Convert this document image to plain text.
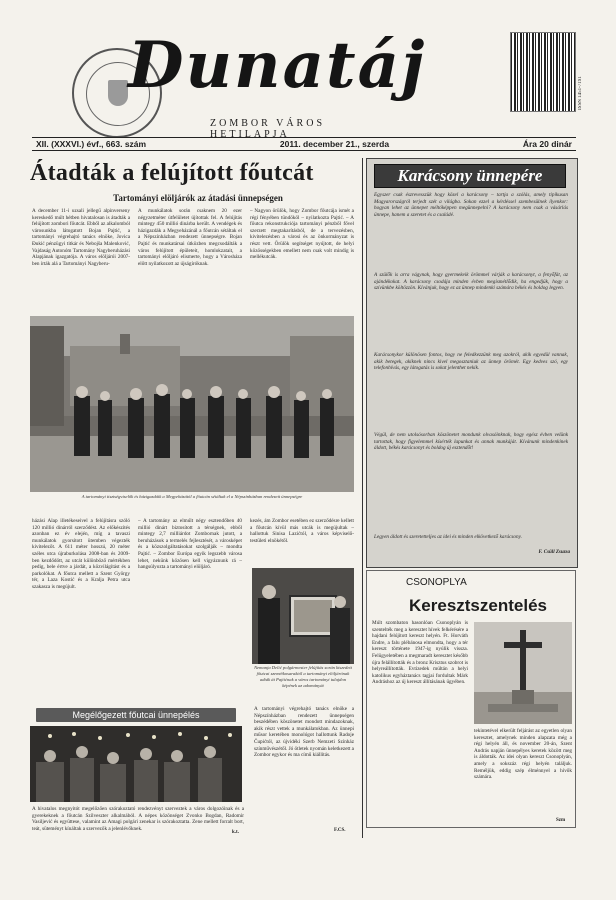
Dunatáj
ZOMBOR VÁROS HETILAPJA
ISSN 1451-7191
XII. (XXXVI.) évf., 663. szám	2011. december 21., szerda	Ára 20 dinár
Átadták a felújított főutcát
Tartományi elöljárók az átadási ünnepségen
A december 11-i uzsali jellegű alpinverseny kereskedő múlt hétben hivatalosan is átadták a felújított zombori főutcát. Ebből az alkalomból városunkba látogatott Bojan Pajtić, a tartományi végrehajtó tanács elnöke, Jovica Đukić pénzügyi titkár és Nebojša Malenković, Vajdaság Autonóm Tartomány Nagyberuházási Alapjának igazgatója. A város elöljárói 2007-ben írták alá a Tartományi Nagyberu-
A munkálatok során csaknem 20 ezer négyzetméter útfelületet újítottak fel. A felújítás mintegy 450 millió dinárba került. A vendégek és házigazdák a Megyeházánál a főutcán sétáltak el a Népszínházban rendezett ünnepségre. Bojan Pajtić és munkatársai útközben megcsodálták a város felújított épületeit, homlokzatait, a tartományi elöljáró elismerte, hogy a Városháza előtt nyilatkozott az újságíróknak.
– Nagyon örülök, hogy Zombor főutcája ismét a régi fényében tündököl – nyilatkozta Pajtić. – A főutca rekonstrukciója tartományi pénzből fővel szerzett megtakarításból, de a tervezésben, kivitelezésben a városi és az önkormányzat is részt vett. Örülök segítséget nyújtott, de helyi közösségekben emellett nem csak volt mindig is mellékutcák.
A tartományi tisztségviselők és házigazdáik a Megyeházától a főutcán sétáltak el a Népszínházban rendezett ünnepségre
házási Alap illetékeseivel a felújításra szóló 120 millió dinárról szerződést. Az előkészítés azonban ez év elején, míg a tavaszi munkálatok gyorsított ütemben végezték kivitelezőt. A 611 méter hosszú, 20 méter széles utca újraburkolása 2008-ban és 2009-ben kezdődött, az utcát különböző mértékben pedig, bele értve a járdát, a közvilágítást és a parkolókat. A főutca mellett a Szent György tér, a Laza Kostić és a Kralja Petra utca szakasza is megújult.
– A tartomány az elmúlt négy esztendőben 40 millió dinárt biztosított a térségnek, ebből mintegy 2,7 milliárdot Zombornak jutott, a beruházások a termelés fejlesztését, a városképet és a közszolgáltatásokat szolgálják – mondta Pajtić. – Zombor Európa egyik legszebb városa lehet, nekünk közösen kell vigyáznunk rá – hangsúlyozta a tartományi elöljáró.
kezés, ám Zombor esetében ez szerződésre kellett a főutcán kívül más utcák is megújultak – hallottuk Sinisa Lazićtól, a város képviselő-testületi elnökétől.
Nemanja Delić polgármester felújítás során kiszedett főutcai szemétkosaraktól a tartományi elöljárónak adták át Pajtićnak a város tartományi tulajdon képének az adományát
A tartományi végrehajtó tanács elnöke a Népszínházban rendezett ünnepségen beszédében köszönetet mondott mindazoknak, akik részt vettek a munkálatokban. Az ünnepi műsor keretében monológot hallottunk Radoje Čupićtól, az újvidéki Szerb Nemzeti Színház színművészétől. Jó ötletek nyomán keletkezett a Zombor egykor és ma című kiállítás.
F.CS.
Megélőgezett főutcai ünnepélés
A hivatalos megnyitót megelőzően szórakoztató rendezvényt szerveztek a város dolgozóinak és a gyerekeknek a főutcán Szilveszter alkalmából. A népes közönséget Zvonko Bogdan, Radomir Vasiljević és együttese, valamint az Amagi polgári zenekar is szórakoztatta. Zene mellett forralt bort, teát, süteményt kínáltak a szervezők a jelenlévőknek.
k.t.
Karácsony ünnepére
Egyszer csak észrevesszük hogy közel a karácsony – tartja a szólás, amely tipikusan Magyarországról terjedt szét a világba. Sokan ezzel a kérdéssel szembesülnek ilyenkor: hogyan lehet az ünnepet méltóképpen megünnepelni? A karácsony nem csak a vásárlás ünnepe, hanem a szeretet és a családé.
A szülők is arra vágynak, hogy gyermekeik örömmel várják a karácsonyt, a fenyőfát, az ajándékokat. A karácsony csodája minden évben megismétlődik, ha engedjük, hogy a szívünkbe költözzön. Kívánjuk, hogy ez az ünnep mindenki számára békés és boldog legyen.
Karácsonykor különösen fontos, hogy ne feledkezzünk meg azokról, akik egyedül vannak, akik betegek, akiknek nincs kivel megosztaniuk az ünnep örömét. Egy kedves szó, egy telefonhívás, egy látogatás is sokat jelenthet nekik.
Végül, de nem utolsósorban köszönetet mondunk olvasóinknak, hogy egész évben velünk tartottak, hogy figyelemmel kísérték lapunkat és annak munkáját. Kívánunk mindenkinek áldott, békés karácsonyt és boldog új esztendőt!
Legyen áldott és szeretetteljes az idei és minden elkövetkező karácsony.
F. Csüll Zsuzsa
CSONOPLYA
Keresztszentelés
Múlt szombaton hasonlóan Csonoplyán is szentelték meg a keresztet hívek felkérésére a hajdani felújított kereszt helyén. Ft. Horváth Endre, a falu plébánosa elmondta, hogy a tér kereszt története 1947-ig nyúlik vissza. Felügyeletében a megmaradt keresztet később újra felállították és a bronz Krisztus szobrot is helyreállították. Evtizedek múltán a helyi katolikus egyháztanács tagjai fordultak Márk Andráshoz az új kereszt állításának ügyében.
tekintetével elkerült feljárást az egyetlen olyan keresztet, amelynek minden alapzata még a régi helyén áll, és november 20-án, Szent András napján ünnepélyes keretek között meg is áldották. Az idei olyan kereszt Csonoplyán, amely a sokszáz régi helyén találjuk. Reméljük, eddig szép élménnyel a hívők számára.
Szm
